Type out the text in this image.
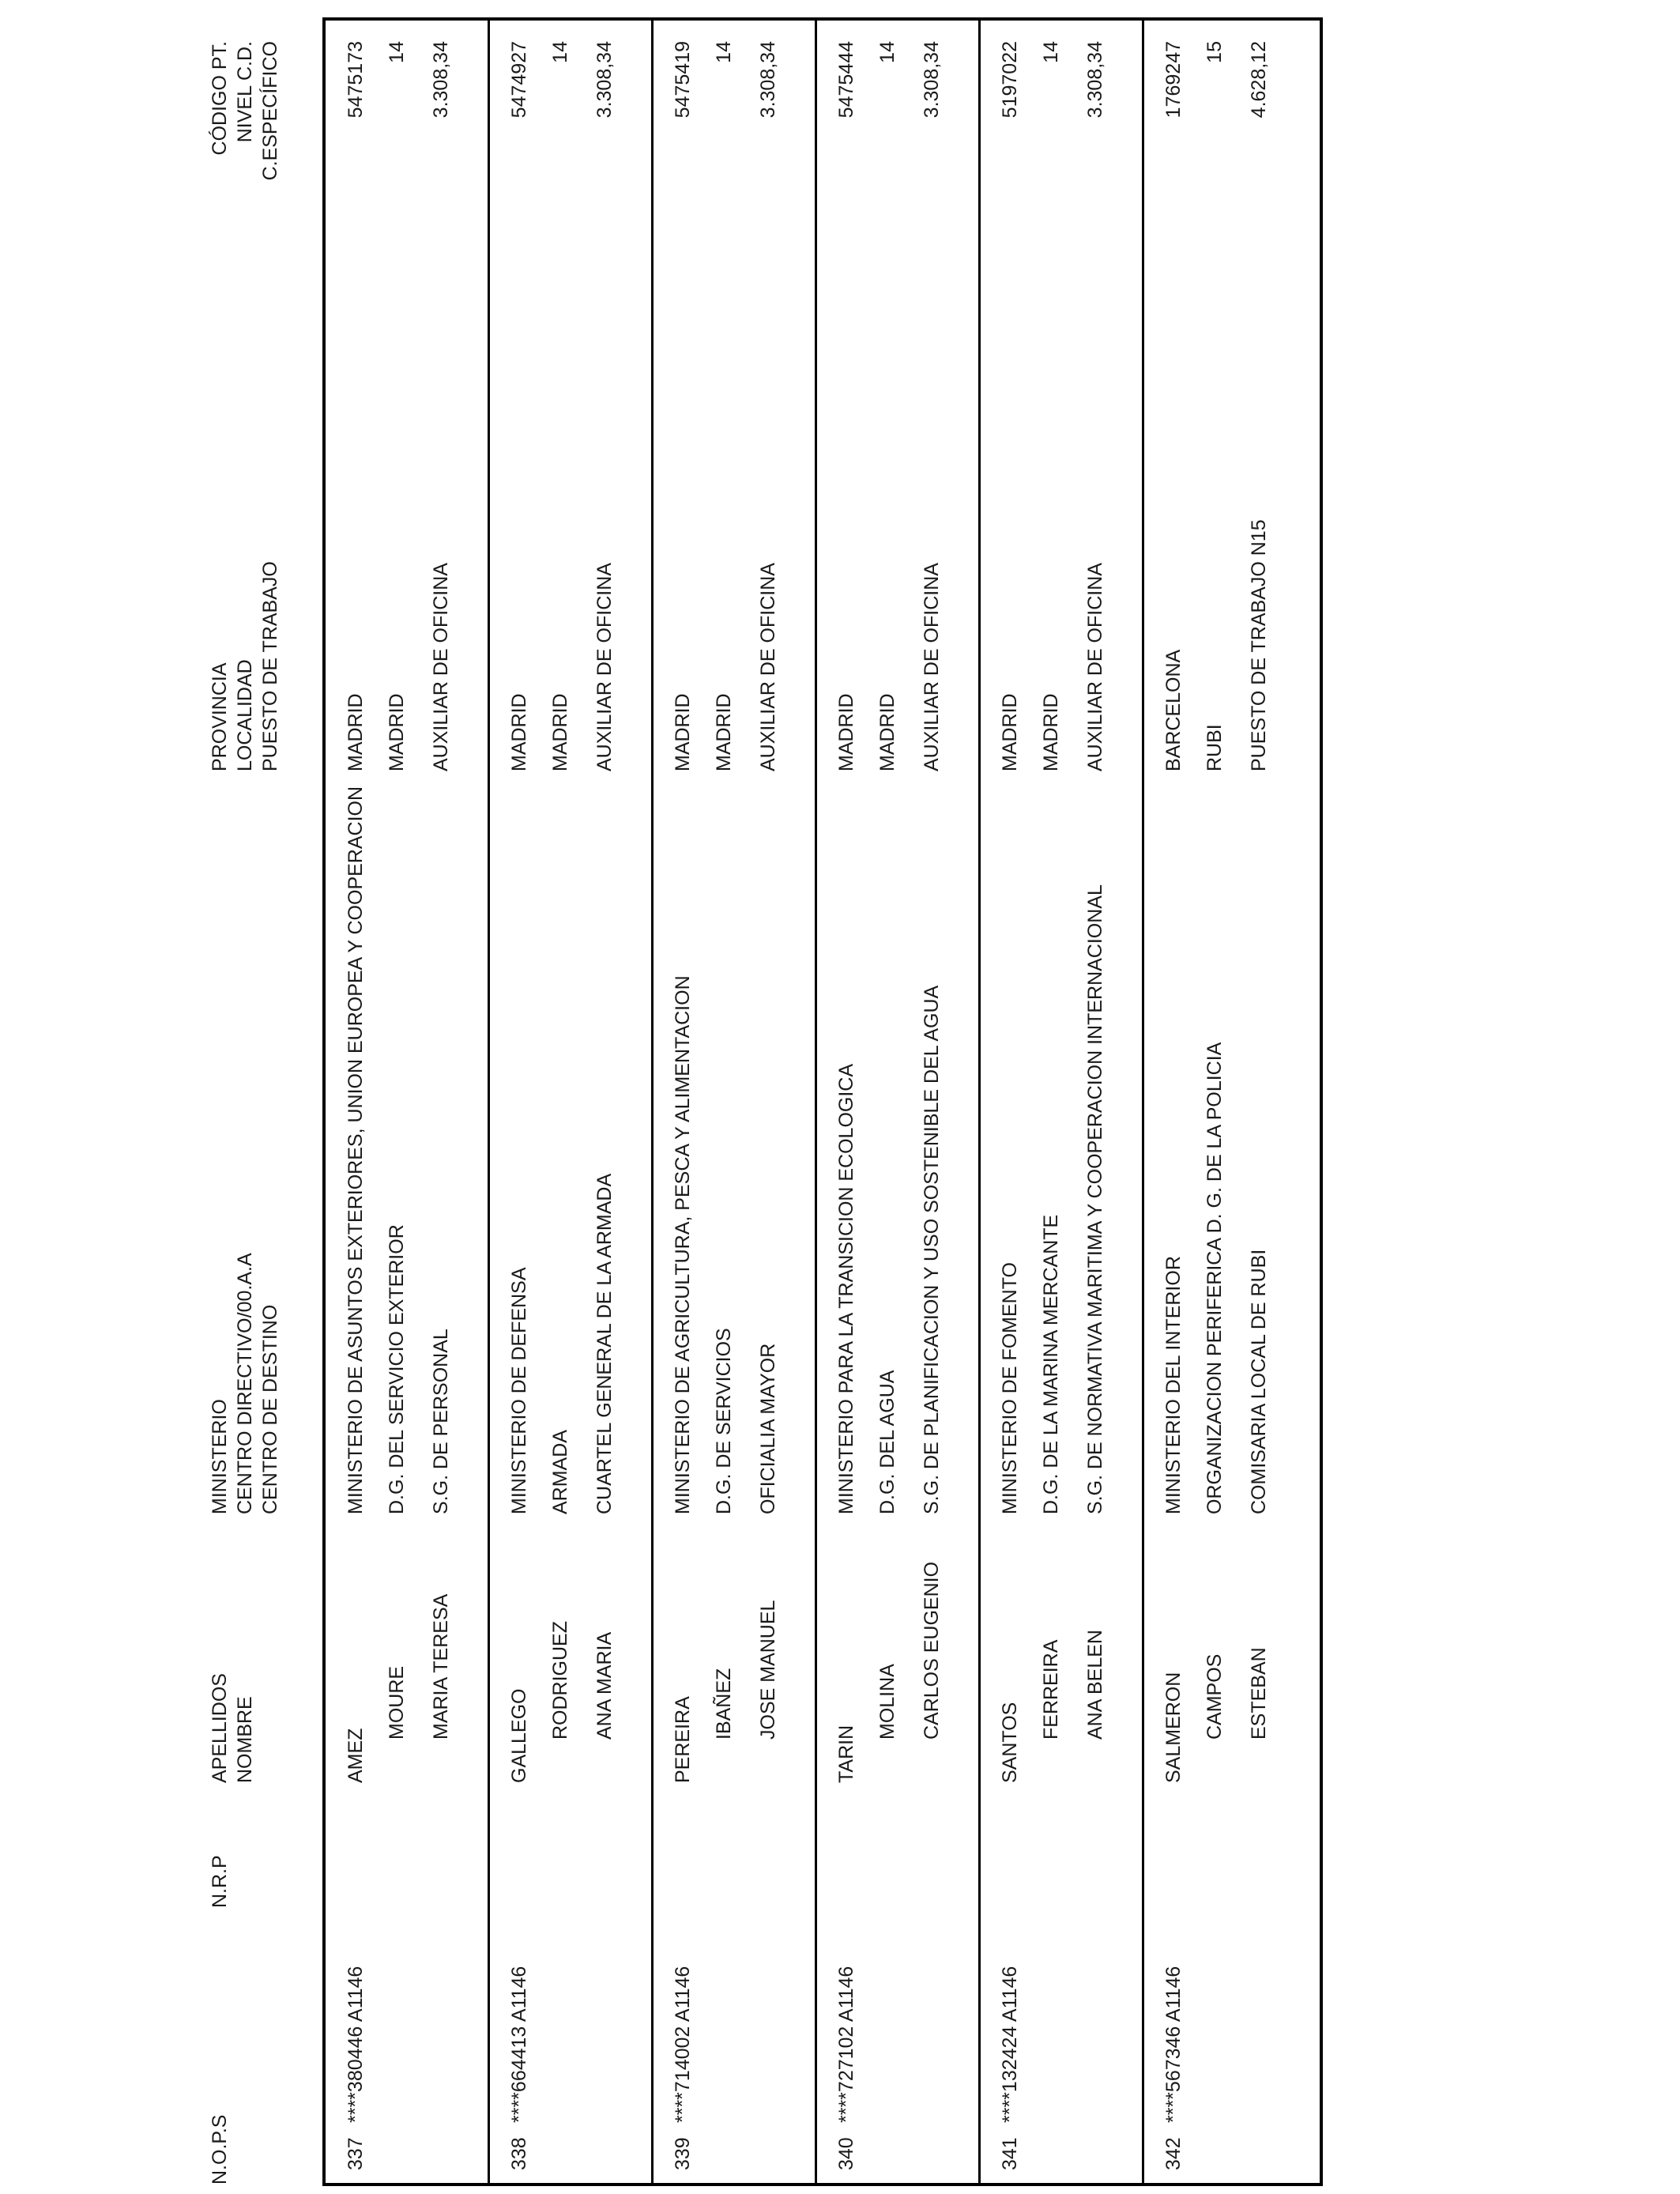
N.O.P.S
N.R.P
APELLIDOS NOMBRE
MINISTERIO CENTRO DIRECTIVO/00.A.A CENTRO DE DESTINO
PROVINCIA LOCALIDAD PUESTO DE TRABAJO
CÓDIGO PT. NIVEL C.D. C.ESPECÍFICO
337
****380446 A1146
AMEZ
MOURE MARIA TERESA
MINISTERIO DE ASUNTOS EXTERIORES, UNION EUROPEA Y COOPERACION D.G. DEL SERVICIO EXTERIOR S.G. DE PERSONAL
MADRID MADRID AUXILIAR DE OFICINA
5475173 14 3.308,34
338
****664413 A1146
GALLEGO RODRIGUEZ ANA MARIA
MINISTERIO DE DEFENSA ARMADA CUARTEL GENERAL DE LA ARMADA
MADRID MADRID AUXILIAR DE OFICINA
5474927 14 3.308,34
339
****714002 A1146
PEREIRA IBAÑEZ JOSE MANUEL
MINISTERIO DE AGRICULTURA, PESCA Y ALIMENTACION D.G. DE SERVICIOS OFICIALIA MAYOR
MADRID MADRID AUXILIAR DE OFICINA
5475419 14 3.308,34
340
****727102 A1146
TARIN
MOLINA CARLOS EUGENIO
MINISTERIO PARA LA TRANSICION ECOLOGICA D.G. DEL AGUA S.G. DE PLANIFICACION Y USO SOSTENIBLE DEL AGUA
MADRID MADRID AUXILIAR DE OFICINA
5475444 14 3.308,34
341
****132424 A1146
SANTOS
FERREIRA ANA BELEN
MINISTERIO DE FOMENTO D.G. DE LA MARINA MERCANTE S.G. DE NORMATIVA MARITIMA Y COOPERACION INTERNACIONAL
MADRID MADRID AUXILIAR DE OFICINA
5197022 14 3.308,34
342
****567346 A1146
SALMERON CAMPOS ESTEBAN
MINISTERIO DEL INTERIOR ORGANIZACION PERIFERICA D. G. DE LA POLICIA COMISARIA LOCAL DE RUBI
BARCELONA RUBI PUESTO DE TRABAJO N15
1769247 15 4.628,12
